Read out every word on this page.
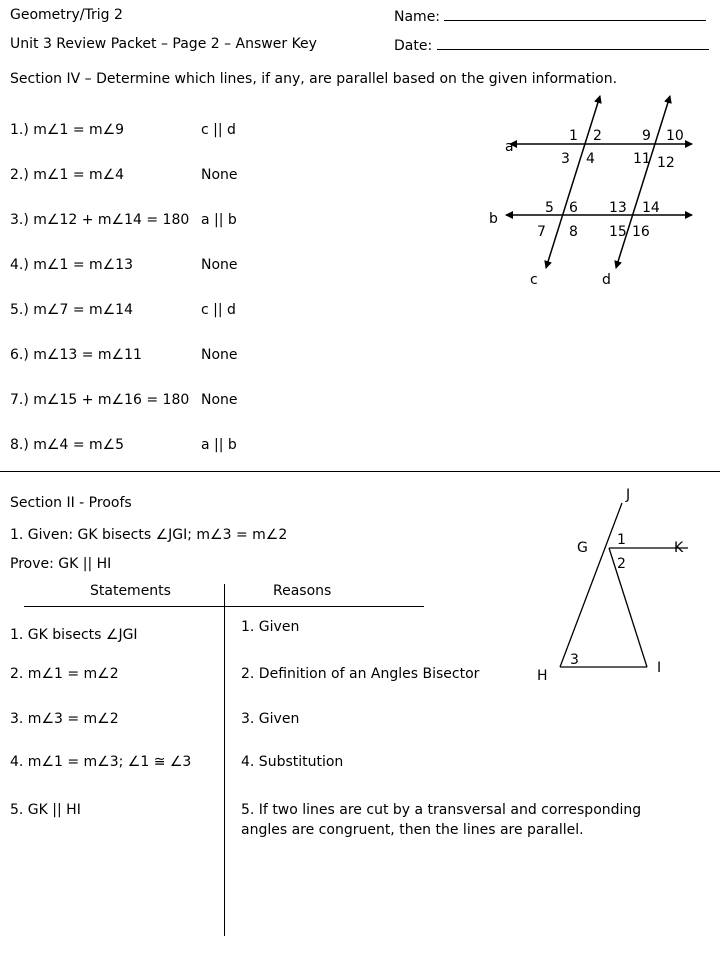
Geometry/Trig 2	Name:
Unit 3 Review Packet – Page 2 – Answer Key	Date:
Section IV – Determine which lines, if any, are parallel based on the given information.
1.) m∠1 = m∠9	c || d
2.) m∠1 = m∠4	None
3.) m∠12 + m∠14 = 180 a || b
4.) m∠1 = m∠13	None
5.) m∠7 = m∠14	c || d
6.) m∠13 = m∠11	None
7.) m∠15 + m∠16 = 180 None
8.) m∠4 = m∠5	a || b
a
b
c	d
1 2
3 4
5 6
7 8
9 10
11 12
13 14
15 16
Section II - Proofs
1. Given: GK bisects ∠JGI; m∠3 = m∠2
Prove: GK || HI
Statements	Reasons
1. GK bisects ∠JGI	1. Given
2. m∠1 = m∠2	2. Definition of an Angles Bisector
3. m∠3 = m∠2	3. Given
4. m∠1 = m∠3; ∠1 ≅ ∠3	4. Substitution
5. GK || HI	5. If two lines are cut by a transversal and corresponding
angles are congruent, then the lines are parallel.
J
G	K
H	I
1
2
3
